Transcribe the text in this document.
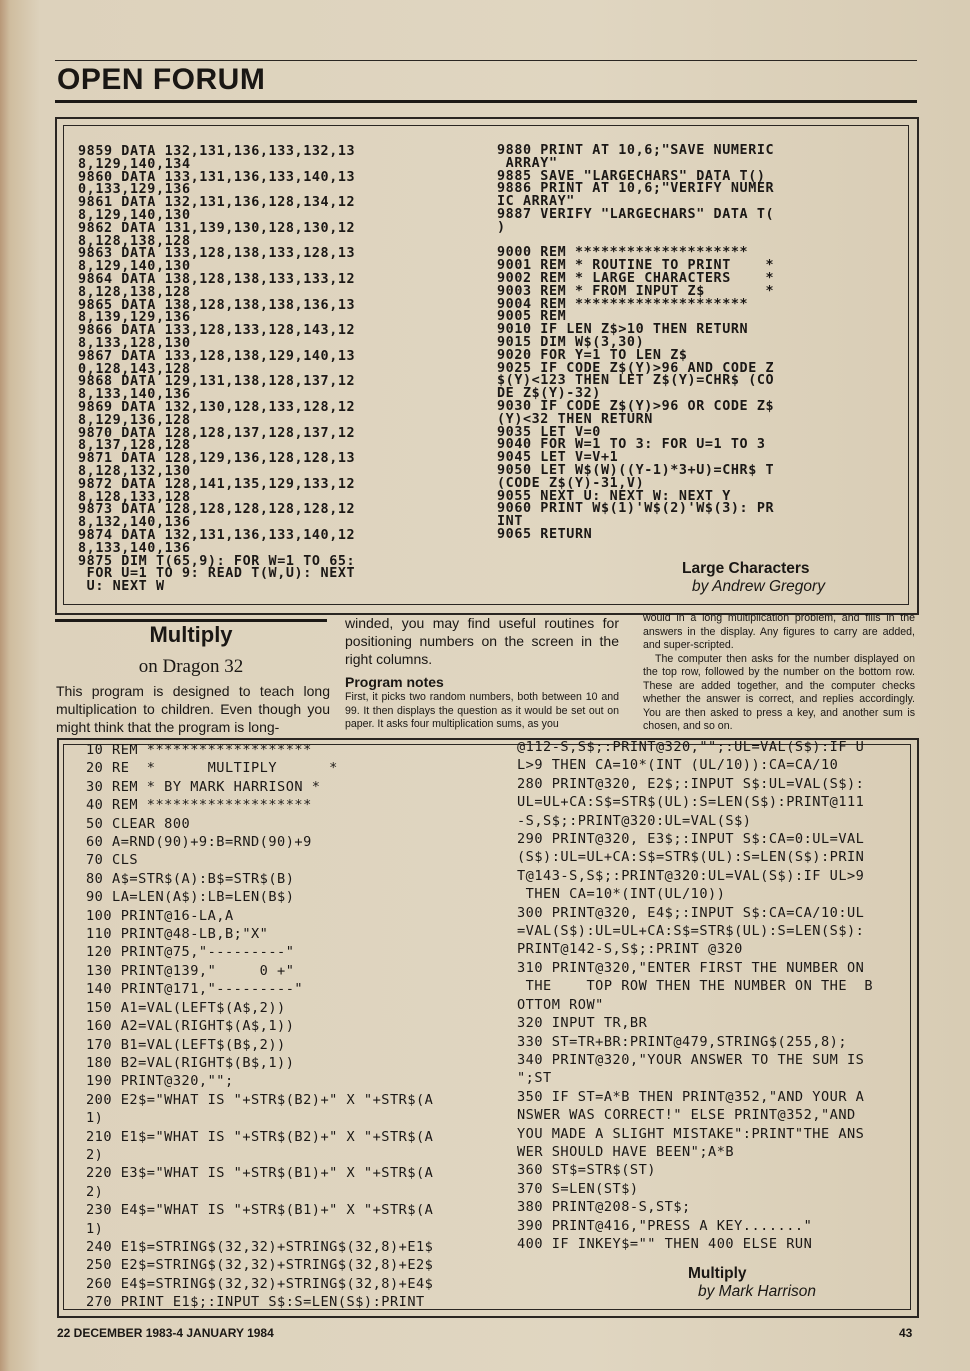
OPEN FORUM
9859 DATA 132,131,136,133,132,13
8,129,140,134
9860 DATA 133,131,136,133,140,13
0,133,129,136
9861 DATA 132,131,136,128,134,12
8,129,140,130
9862 DATA 131,139,130,128,130,12
8,128,138,128
9863 DATA 133,128,138,133,128,13
8,129,140,130
9864 DATA 138,128,138,133,133,12
8,128,138,128
9865 DATA 138,128,138,138,136,13
8,139,129,136
9866 DATA 133,128,133,128,143,12
8,133,128,130
9867 DATA 133,128,138,129,140,13
0,128,143,128
9868 DATA 129,131,138,128,137,12
8,133,140,136
9869 DATA 132,130,128,133,128,12
8,129,136,128
9870 DATA 128,128,137,128,137,12
8,137,128,128
9871 DATA 128,129,136,128,128,13
8,128,132,130
9872 DATA 128,141,135,129,133,12
8,128,133,128
9873 DATA 128,128,128,128,128,12
8,132,140,136
9874 DATA 132,131,136,133,140,12
8,133,140,136
9875 DIM T(65,9): FOR W=1 TO 65:
FOR U=1 TO 9: READ T(W,U): NEXT
U: NEXT W
9880 PRINT AT 10,6;"SAVE NUMERIC
ARRAY"
9885 SAVE "LARGECHARS" DATA T()
9886 PRINT AT 10,6;"VERIFY NUMER
IC ARRAY"
9887 VERIFY "LARGECHARS" DATA T(
)

9000 REM ********************
9001 REM * ROUTINE TO PRINT    *
9002 REM * LARGE CHARACTERS    *
9003 REM * FROM INPUT Z$       *
9004 REM ********************
9005 REM
9010 IF LEN Z$>10 THEN RETURN
9015 DIM W$(3,30)
9020 FOR Y=1 TO LEN Z$
9025 IF CODE Z$(Y)>96 AND CODE Z
$(Y)<123 THEN LET Z$(Y)=CHR$ (CO
DE Z$(Y)-32)
9030 IF CODE Z$(Y)>96 OR CODE Z$
(Y)<32 THEN RETURN
9035 LET V=0
9040 FOR W=1 TO 3: FOR U=1 TO 3
9045 LET V=V+1
9050 LET W$(W)((Y-1)*3+U)=CHR$ T
(CODE Z$(Y)-31,V)
9055 NEXT U: NEXT W: NEXT Y
9060 PRINT W$(1)'W$(2)'W$(3): PR
INT
9065 RETURN
Large Characters
by Andrew Gregory
Multiply
on Dragon 32
This program is designed to teach long multiplication to children. Even though you might think that the program is long-
winded, you may find useful routines for positioning numbers on the screen in the right columns.
Program notes
First, it picks two random numbers, both between 10 and 99. It then displays the question as it would be set out on paper. It asks four multiplication sums, as you

would in a long multiplication problem, and fills in the answers in the display. Any figures to carry are added, and super-scripted.

The computer then asks for the number displayed on the top row, followed by the number on the bottom row. These are added together, and the computer checks whether the answer is correct, and replies accordingly. You are then asked to press a key, and another sum is chosen, and so on.

10 REM *******************
20 RE  *      MULTIPLY      *
30 REM * BY MARK HARRISON *
40 REM *******************
50 CLEAR 800
60 A=RND(90)+9:B=RND(90)+9
70 CLS
80 A$=STR$(A):B$=STR$(B)
90 LA=LEN(A$):LB=LEN(B$)
100 PRINT@16-LA,A
110 PRINT@48-LB,B;"X"
120 PRINT@75,"---------"
130 PRINT@139,"     0 +"
140 PRINT@171,"---------"
150 A1=VAL(LEFT$(A$,2))
160 A2=VAL(RIGHT$(A$,1))
170 B1=VAL(LEFT$(B$,2))
180 B2=VAL(RIGHT$(B$,1))
190 PRINT@320,"";
200 E2$="WHAT IS "+STR$(B2)+" X "+STR$(A
1)
210 E1$="WHAT IS "+STR$(B2)+" X "+STR$(A
2)
220 E3$="WHAT IS "+STR$(B1)+" X "+STR$(A
2)
230 E4$="WHAT IS "+STR$(B1)+" X "+STR$(A
1)
240 E1$=STRING$(32,32)+STRING$(32,8)+E1$
250 E2$=STRING$(32,32)+STRING$(32,8)+E2$
260 E4$=STRING$(32,32)+STRING$(32,8)+E4$
270 PRINT E1$;:INPUT S$:S=LEN(S$):PRINT
@112-S,S$;:PRINT@320,"";:UL=VAL(S$):IF U
L>9 THEN CA=10*(INT (UL/10)):CA=CA/10
280 PRINT@320, E2$;:INPUT S$:UL=VAL(S$):
UL=UL+CA:S$=STR$(UL):S=LEN(S$):PRINT@111
-S,S$;:PRINT@320:UL=VAL(S$)
290 PRINT@320, E3$;:INPUT S$:CA=0:UL=VAL
(S$):UL=UL+CA:S$=STR$(UL):S=LEN(S$):PRIN
T@143-S,S$;:PRINT@320:UL=VAL(S$):IF UL>9
THEN CA=10*(INT(UL/10))
300 PRINT@320, E4$;:INPUT S$:CA=CA/10:UL
=VAL(S$):UL=UL+CA:S$=STR$(UL):S=LEN(S$):
PRINT@142-S,S$;:PRINT @320
310 PRINT@320,"ENTER FIRST THE NUMBER ON
THE    TOP ROW THEN THE NUMBER ON THE  B
OTTOM ROW"
320 INPUT TR,BR
330 ST=TR+BR:PRINT@479,STRING$(255,8);
340 PRINT@320,"YOUR ANSWER TO THE SUM IS
";ST
350 IF ST=A*B THEN PRINT@352,"AND YOUR A
NSWER WAS CORRECT!" ELSE PRINT@352,"AND
YOU MADE A SLIGHT MISTAKE":PRINT"THE ANS
WER SHOULD HAVE BEEN";A*B
360 ST$=STR$(ST)
370 S=LEN(ST$)
380 PRINT@208-S,ST$;
390 PRINT@416,"PRESS A KEY......."
400 IF INKEY$="" THEN 400 ELSE RUN
Multiply
by Mark Harrison
22 DECEMBER 1983-4 JANUARY 1984	43
